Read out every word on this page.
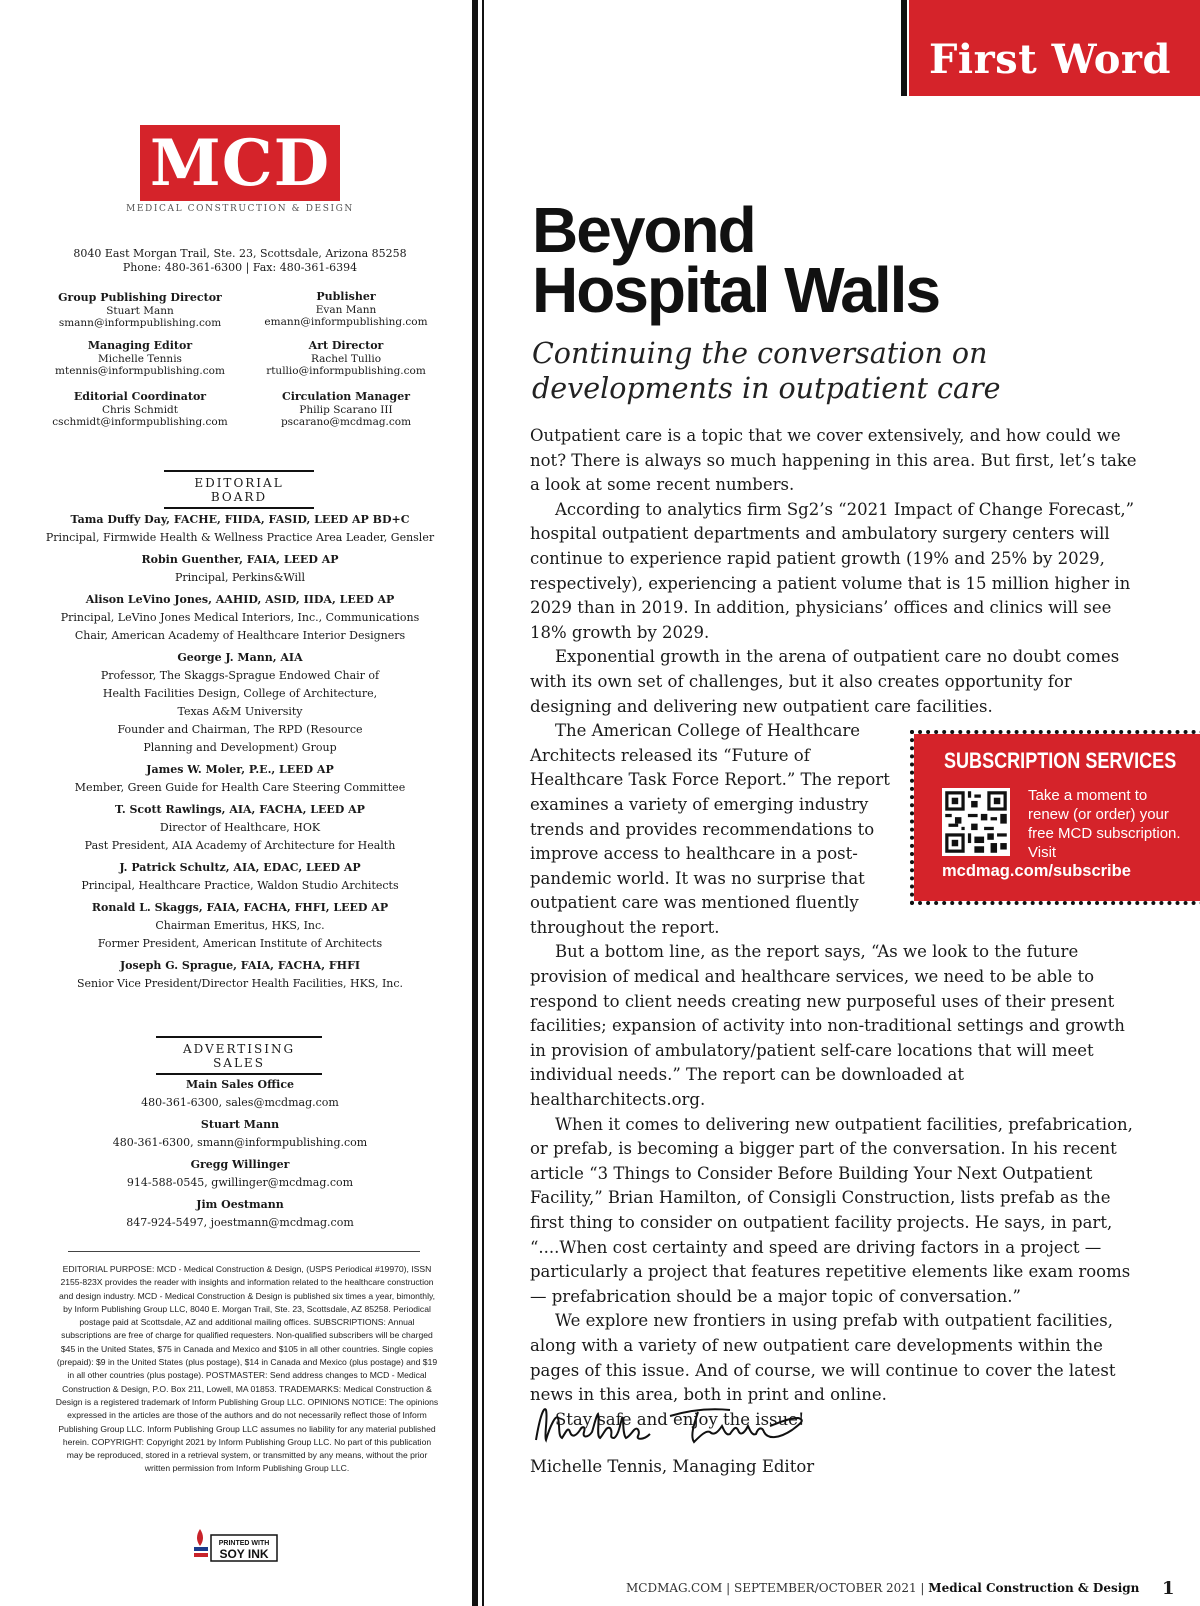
MCD
MEDICAL CONSTRUCTION & DESIGN
8040 East Morgan Trail, Ste. 23, Scottsdale, Arizona 85258
Phone: 480-361-6300 | Fax: 480-361-6394
Group Publishing Director
Stuart Mann
smann@informpublishing.com
Publisher
Evan Mann
emann@informpublishing.com
Managing Editor
Michelle Tennis
mtennis@informpublishing.com
Art Director
Rachel Tullio
rtullio@informpublishing.com
Editorial Coordinator
Chris Schmidt
cschmidt@informpublishing.com
Circulation Manager
Philip Scarano III
pscarano@mcdmag.com
EDITORIAL BOARD
Tama Duffy Day, FACHE, FIIDA, FASID, LEED AP BD+C
Principal, Firmwide Health & Wellness Practice Area Leader, Gensler
Robin Guenther, FAIA, LEED AP
Principal, Perkins&Will
Alison LeVino Jones, AAHID, ASID, IIDA, LEED AP
Principal, LeVino Jones Medical Interiors, Inc., Communications
Chair, American Academy of Healthcare Interior Designers
George J. Mann, AIA
Professor, The Skaggs-Sprague Endowed Chair of
Health Facilities Design, College of Architecture,
Texas A&M University
Founder and Chairman, The RPD (Resource
Planning and Development) Group
James W. Moler, P.E., LEED AP
Member, Green Guide for Health Care Steering Committee
T. Scott Rawlings, AIA, FACHA, LEED AP
Director of Healthcare, HOK
Past President, AIA Academy of Architecture for Health
J. Patrick Schultz, AIA, EDAC, LEED AP
Principal, Healthcare Practice, Waldon Studio Architects
Ronald L. Skaggs, FAIA, FACHA, FHFI, LEED AP
Chairman Emeritus, HKS, Inc.
Former President, American Institute of Architects
Joseph G. Sprague, FAIA, FACHA, FHFI
Senior Vice President/Director Health Facilities, HKS, Inc.
ADVERTISING SALES
Main Sales Office
480-361-6300, sales@mcdmag.com
Stuart Mann
480-361-6300, smann@informpublishing.com
Gregg Willinger
914-588-0545, gwillinger@mcdmag.com
Jim Oestmann
847-924-5497, joestmann@mcdmag.com
EDITORIAL PURPOSE: MCD - Medical Construction & Design, (USPS Periodical #19970), ISSN 2155-823X provides the reader with insights and information related to the healthcare construction and design industry. MCD - Medical Construction & Design is published six times a year, bimonthly, by Inform Publishing Group LLC, 8040 E. Morgan Trail, Ste. 23, Scottsdale, AZ 85258. Periodical postage paid at Scottsdale, AZ and additional mailing offices. SUBSCRIPTIONS: Annual subscriptions are free of charge for qualified requesters. Non-qualified subscribers will be charged $45 in the United States, $75 in Canada and Mexico and $105 in all other countries. Single copies (prepaid): $9 in the United States (plus postage), $14 in Canada and Mexico (plus postage) and $19 in all other countries (plus postage). POSTMASTER: Send address changes to MCD - Medical Construction & Design, P.O. Box 211, Lowell, MA 01853. TRADEMARKS: Medical Construction & Design is a registered trademark of Inform Publishing Group LLC. OPINIONS NOTICE: The opinions expressed in the articles are those of the authors and do not necessarily reflect those of Inform Publishing Group LLC. Inform Publishing Group LLC assumes no liability for any material published herein. COPYRIGHT: Copyright 2021 by Inform Publishing Group LLC. No part of this publication may be reproduced, stored in a retrieval system, or transmitted by any means, without the prior written permission from Inform Publishing Group LLC.
PRINTED WITH
SOY INK
First Word
Beyond
Hospital Walls
Continuing the conversation on developments in outpatient care

Outpatient care is a topic that we cover extensively, and how could we not? There is always so much happening in this area. But first, let’s take a look at some recent numbers.

According to analytics firm Sg2’s “2021 Impact of Change Forecast,” hospital outpatient departments and ambulatory surgery centers will continue to experience rapid patient growth (19% and 25% by 2029, respectively), experiencing a patient volume that is 15 million higher in 2029 than in 2019. In addition, physicians’ offices and clinics will see 18% growth by 2029.

Exponential growth in the arena of outpatient care no doubt comes with its own set of challenges, but it also creates opportunity for designing and delivering new outpatient care facilities.

The American College of Healthcare Architects released its “Future of Healthcare Task Force Report.” The report examines a variety of emerging industry trends and provides recommendations to improve access to healthcare in a post-pandemic world. It was no surprise that outpatient care was mentioned fluently throughout the report.

But a bottom line, as the report says, “As we look to the future provision of medical and healthcare services, we need to be able to respond to client needs creating new purposeful uses of their present facilities; expansion of activity into non-traditional settings and growth in provision of ambulatory/patient self-care locations that will meet individual needs.” The report can be downloaded at healtharchitects.org.

When it comes to delivering new outpatient facilities, prefabrication, or prefab, is becoming a bigger part of the conversation. In his recent article “3 Things to Consider Before Building Your Next Outpatient Facility,” Brian Hamilton, of Consigli Construction, lists prefab as the first thing to consider on outpatient facility projects. He says, in part, “....When cost certainty and speed are driving factors in a project — particularly a project that features repetitive elements like exam rooms — prefabrication should be a major topic of conversation.”

We explore new frontiers in using prefab with outpatient facilities, along with a variety of new outpatient care developments within the pages of this issue. And of course, we will continue to cover the latest news in this area, both in print and online.

Stay safe and enjoy the issue!

SUBSCRIPTION SERVICES
Take a moment to renew (or order) your free MCD subscription. Visit
mcdmag.com/subscribe
Michelle Tennis, Managing Editor
MCDMAG.COM | SEPTEMBER/OCTOBER 2021 | Medical Construction & Design 1
